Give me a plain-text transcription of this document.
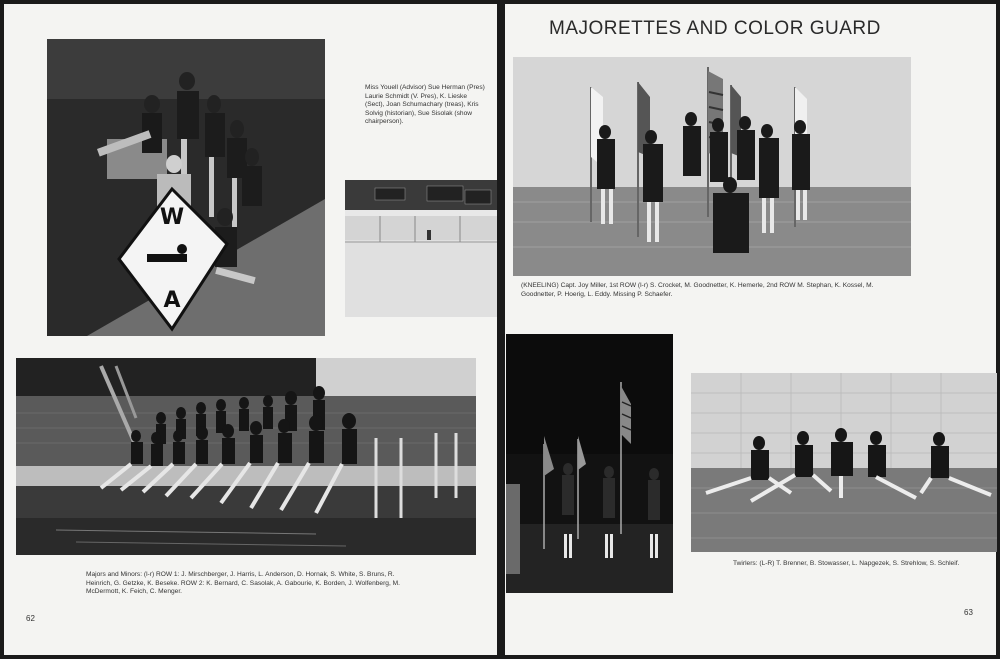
W
A
Miss Youell (Advisor) Sue Herman (Pres) Laurie Schmidt (V. Pres), K. Lieske (Sect), Joan Schumachary (treas), Kris Solvig (historian), Sue Sisolak (show chairperson).
Majors and Minors: (l-r) ROW 1: J. Mirschberger, J. Harris, L. Anderson, D. Hornak, S. White, S. Bruns, R. Heinrich, G. Getzke, K. Beseke. ROW 2: K. Bernard, C. Sasolak, A. Gabourie, K. Borden, J. Wolfenberg, M. McDermott, K. Feich, C. Menger.
62
MAJORETTES AND COLOR GUARD
(KNEELING) Capt. Joy Miller, 1st ROW (l-r) S. Crocket, M. Goodnetter, K. Hemerle, 2nd ROW M. Stephan, K. Kossel, M. Goodnetter, P. Hoerig, L. Eddy. Missing P. Schaefer.
Twirlers: (L-R) T. Brenner, B. Stowasser, L. Napgezek, S. Strehlow, S. Schleif.
63
